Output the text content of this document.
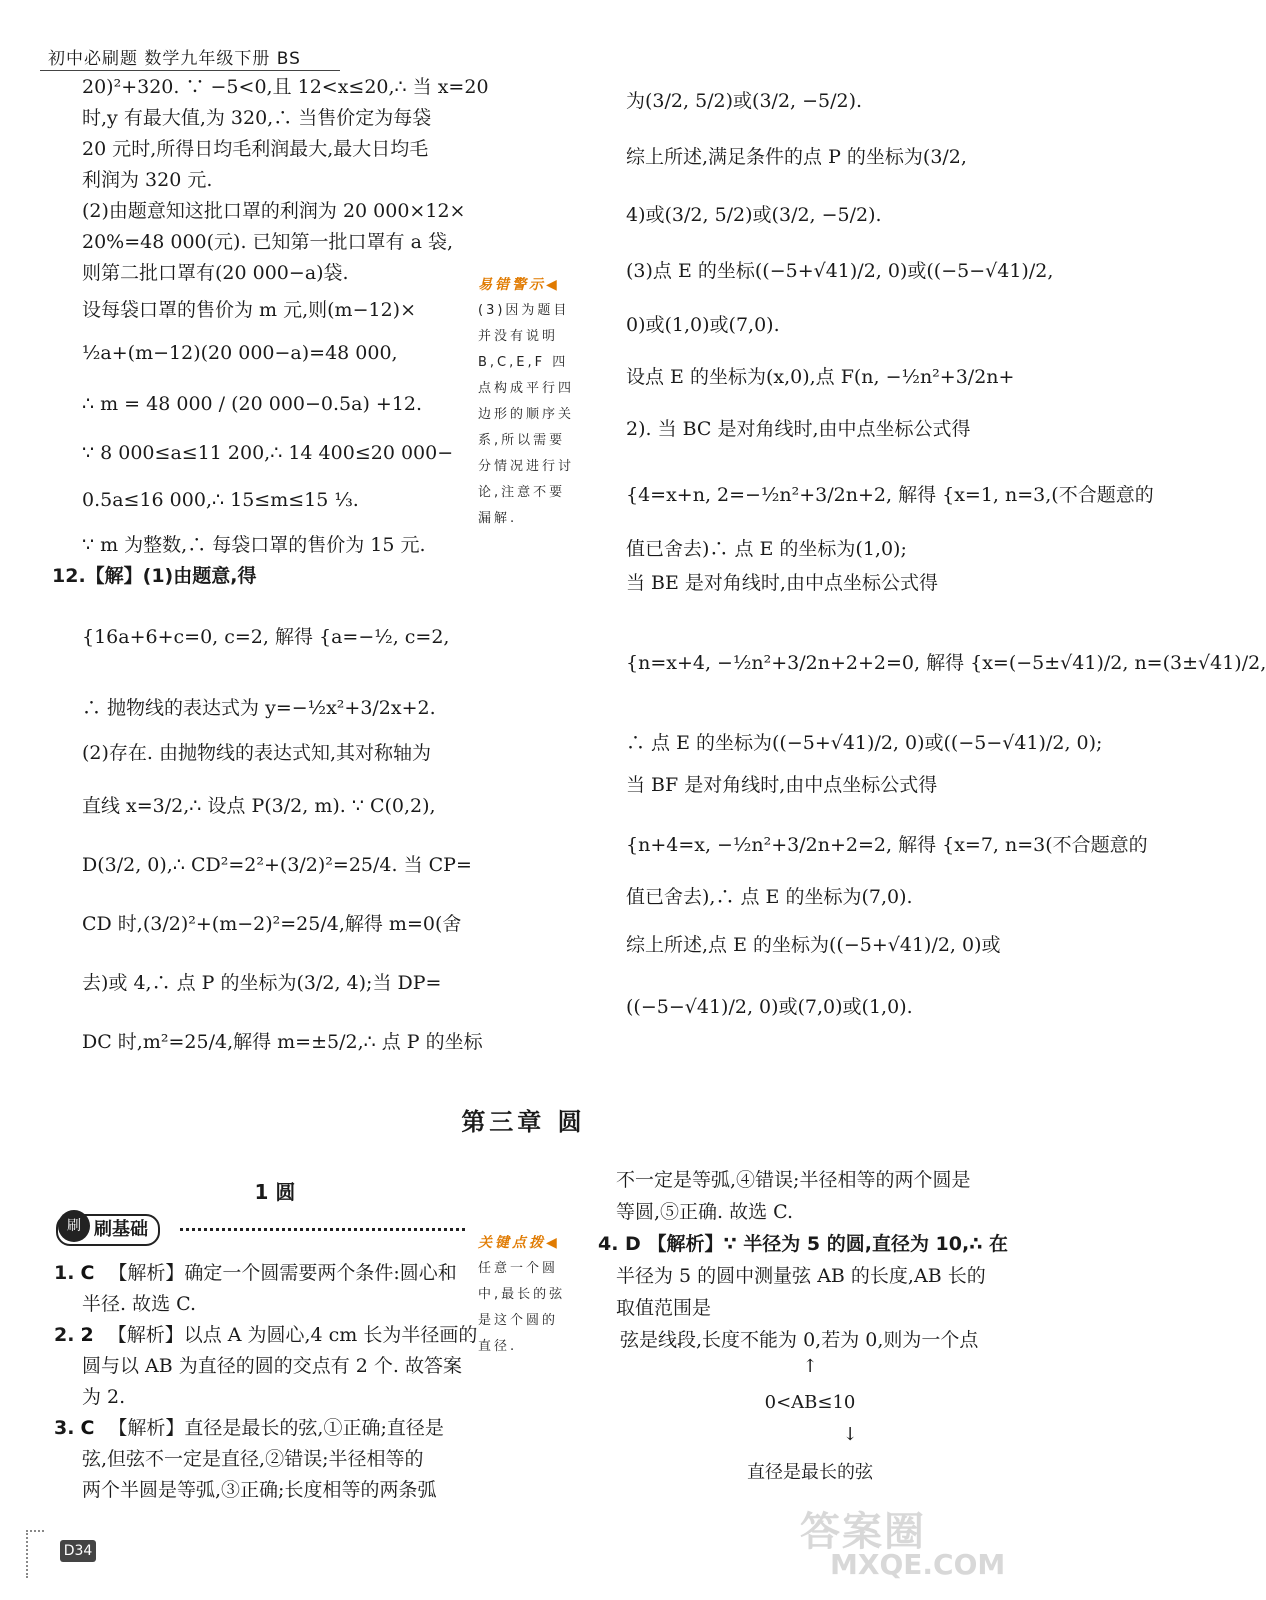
初中必刷题 数学九年级下册 BS

20)²+320. ∵ −5<0,且 12<x≤20,∴ 当 x=20

时,y 有最大值,为 320,∴ 当售价定为每袋

20 元时,所得日均毛利润最大,最大日均毛

利润为 320 元.

(2)由题意知这批口罩的利润为 20 000×12×

20%=48 000(元). 已知第一批口罩有 a 袋,

则第二批口罩有(20 000−a)袋.

设每袋口罩的售价为 m 元,则(m−12)×

½a+(m−12)(20 000−a)=48 000,

∴ m = 48 000 / (20 000−0.5a) +12.

∵ 8 000≤a≤11 200,∴ 14 400≤20 000−

0.5a≤16 000,∴ 15≤m≤15 ⅓.

∵ m 为整数,∴ 每袋口罩的售价为 15 元.

12.【解】(1)由题意,得

{16a+6+c=0, c=2, 解得 {a=−½, c=2,

∴ 抛物线的表达式为 y=−½x²+3/2x+2.

(2)存在. 由抛物线的表达式知,其对称轴为

直线 x=3/2,∴ 设点 P(3/2, m). ∵ C(0,2),

D(3/2, 0),∴ CD²=2²+(3/2)²=25/4. 当 CP=

CD 时,(3/2)²+(m−2)²=25/4,解得 m=0(舍

去)或 4,∴ 点 P 的坐标为(3/2, 4);当 DP=

DC 时,m²=25/4,解得 m=±5/2,∴ 点 P 的坐标

易错警示◀
(3)因为题目
并没有说明
B,C,E,F 四
点构成平行四
边形的顺序关
系,所以需要
分情况进行讨
论,注意不要
漏解.

为(3/2, 5/2)或(3/2, −5/2).

综上所述,满足条件的点 P 的坐标为(3/2,

4)或(3/2, 5/2)或(3/2, −5/2).

(3)点 E 的坐标((−5+√41)/2, 0)或((−5−√41)/2,

0)或(1,0)或(7,0).

设点 E 的坐标为(x,0),点 F(n, −½n²+3/2n+

2). 当 BC 是对角线时,由中点坐标公式得

{4=x+n, 2=−½n²+3/2n+2, 解得 {x=1, n=3,(不合题意的

值已舍去)∴ 点 E 的坐标为(1,0);

当 BE 是对角线时,由中点坐标公式得

{n=x+4, −½n²+3/2n+2+2=0, 解得 {x=(−5±√41)/2, n=(3±√41)/2,

∴ 点 E 的坐标为((−5+√41)/2, 0)或((−5−√41)/2, 0);

当 BF 是对角线时,由中点坐标公式得

{n+4=x, −½n²+3/2n+2=2, 解得 {x=7, n=3(不合题意的

值已舍去),∴ 点 E 的坐标为(7,0).

综上所述,点 E 的坐标为((−5+√41)/2, 0)或

((−5−√41)/2, 0)或(7,0)或(1,0).

第三章 圆
1 圆
刷基础
刷

1. C 【解析】确定一个圆需要两个条件:圆心和

半径. 故选 C.

2. 2 【解析】以点 A 为圆心,4 cm 长为半径画的

圆与以 AB 为直径的圆的交点有 2 个. 故答案

为 2.

3. C 【解析】直径是最长的弦,①正确;直径是

弦,但弦不一定是直径,②错误;半径相等的

两个半圆是等弧,③正确;长度相等的两条弧

关键点拨◀
任意一个圆
中,最长的弦
是这个圆的
直径.

不一定是等弧,④错误;半径相等的两个圆是

等圆,⑤正确. 故选 C.

4. D 【解析】∵ 半径为 5 的圆,直径为 10,∴ 在

半径为 5 的圆中测量弦 AB 的长度,AB 长的

取值范围是

弦是线段,长度不能为 0,若为 0,则为一个点

↑
0<AB≤10
↓
直径是最长的弦
D34	答案圈
MXQE.COM
